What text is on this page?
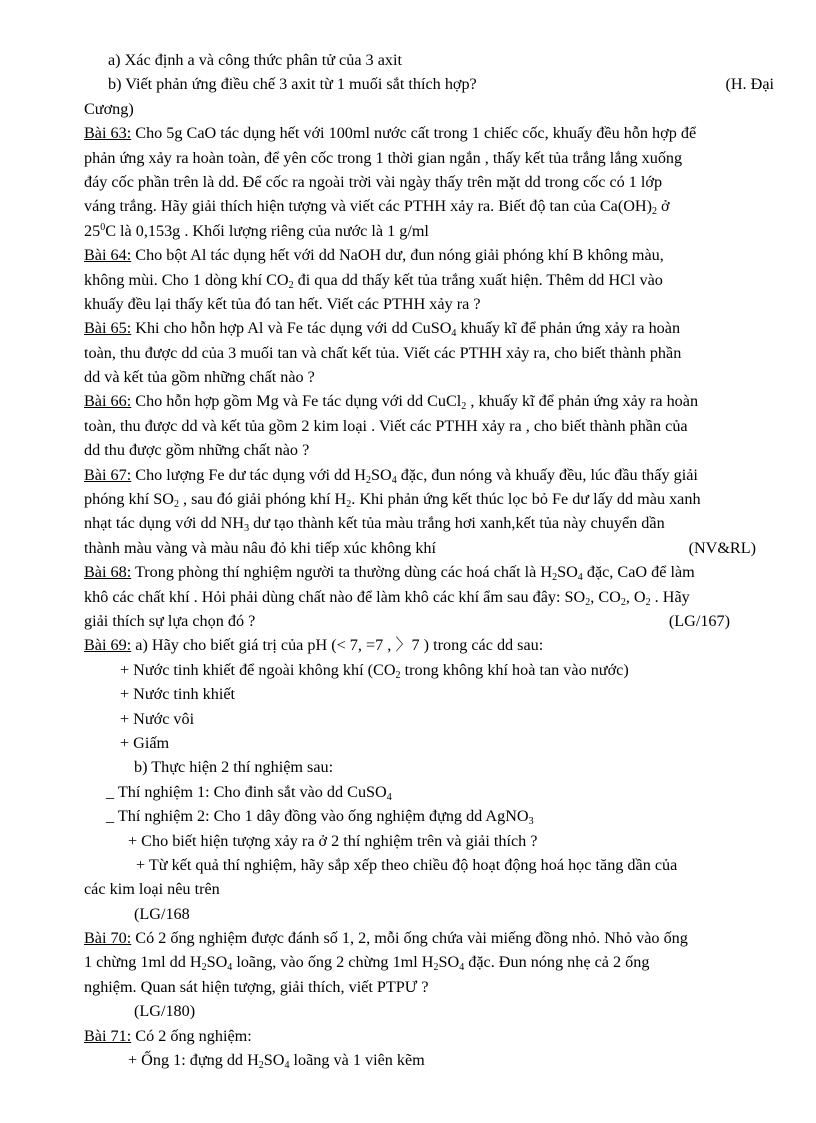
a) Xác định a và công thức phân tử của 3 axit
b) Viết phản ứng điều chế 3 axit từ 1 muối sắt thích hợp?	(H. Đại
Cương)
Bài 63: Cho 5g CaO tác dụng hết với 100ml nước cất trong 1 chiếc cốc, khuấy đều hỗn hợp để
phản ứng xảy ra hoàn toàn, để yên cốc trong 1 thời gian ngắn , thấy kết tủa trắng lắng xuống
đáy cốc phần trên là dd. Để cốc ra ngoài trời vài ngày thấy trên mặt dd trong cốc có 1 lớp
váng trắng. Hãy giải thích hiện tượng và viết các PTHH xảy ra. Biết độ tan của $Ca(OH)_2$ ở
$25^0C$ là 0,153g . Khối lượng riêng của nước là 1 g/ml
Bài 64: Cho bột Al tác dụng hết với dd NaOH dư, đun nóng giải phóng khí B không màu,
không mùi. Cho 1 dòng khí $CO_2$ đi qua dd thấy kết tủa trắng xuất hiện. Thêm dd HCl vào
khuấy đều lại thấy kết tủa đó tan hết. Viết các PTHH xảy ra ?
Bài 65: Khi cho hỗn hợp Al và Fe tác dụng với dd CuSO$_4$ khuấy kĩ để phản ứng xảy ra hoàn
toàn, thu được dd của 3 muối tan và chất kết tủa. Viết các PTHH xảy ra, cho biết thành phần
dd và kết tủa gồm những chất nào ?
Bài 66: Cho hỗn hợp gồm Mg và Fe tác dụng với dd CuCl$_2$ , khuấy kĩ để phản ứng xảy ra hoàn
toàn, thu được dd và kết tủa gồm 2 kim loại . Viết các PTHH xảy ra , cho biết thành phần của
dd thu được gồm những chất nào ?
Bài 67: Cho lượng Fe dư tác dụng với dd $H_2SO_4$ đặc, đun nóng và khuấy đều, lúc đầu thấy giải
phóng khí $SO_2$ , sau đó giải phóng khí $H_2$. Khi phản ứng kết thúc lọc bỏ Fe dư lấy dd màu xanh
nhạt tác dụng với dd $NH_3$ dư tạo thành kết tủa màu trắng hơi xanh,kết tủa này chuyển dần
thành màu vàng và màu nâu đỏ khi tiếp xúc không khí	(NV&RL)
Bài 68: Trong phòng thí nghiệm người ta thường dùng các hoá chất là $H_2SO_4$ đặc, CaO để làm
khô các chất khí . Hỏi phải dùng chất nào để làm khô các khí ẩm sau đây: $SO_2$, $CO_2$, $O_2$ . Hãy
giải thích sự lựa chọn đó ?	(LG/167)
Bài 69: a) Hãy cho biết giá trị của pH (< 7, =7 , 〉7 ) trong các dd sau:
+ Nước tinh khiết để ngoài không khí ($CO_2$ trong không khí hoà tan vào nước)
+ Nước tinh khiết
+ Nước vôi
+ Giấm
b) Thực hiện 2 thí nghiệm sau:
_ Thí nghiệm 1: Cho đinh sắt vào dd CuSO$_4$
_ Thí nghiệm 2: Cho 1 dây đồng vào ống nghiệm đựng dd AgNO$_3$
+ Cho biết hiện tượng xảy ra ở 2 thí nghiệm trên và giải thích ?
+ Từ kết quả thí nghiệm, hãy sắp xếp theo chiều độ hoạt động hoá học tăng dần của
các kim loại nêu trên
(LG/168
Bài 70: Có 2 ống nghiệm được đánh số 1, 2, mỗi ống chứa vài miếng đồng nhỏ. Nhỏ vào ống
1 chừng 1ml dd $H_2SO_4$ loãng, vào ống 2 chừng 1ml $H_2SO_4$ đặc. Đun nóng nhẹ cả 2 ống
nghiệm. Quan sát hiện tượng, giải thích, viết PTPƯ ?
(LG/180)
Bài 71: Có 2 ống nghiệm:
+ Ống 1: đựng dd $H_2SO_4$ loãng và 1 viên kẽm
